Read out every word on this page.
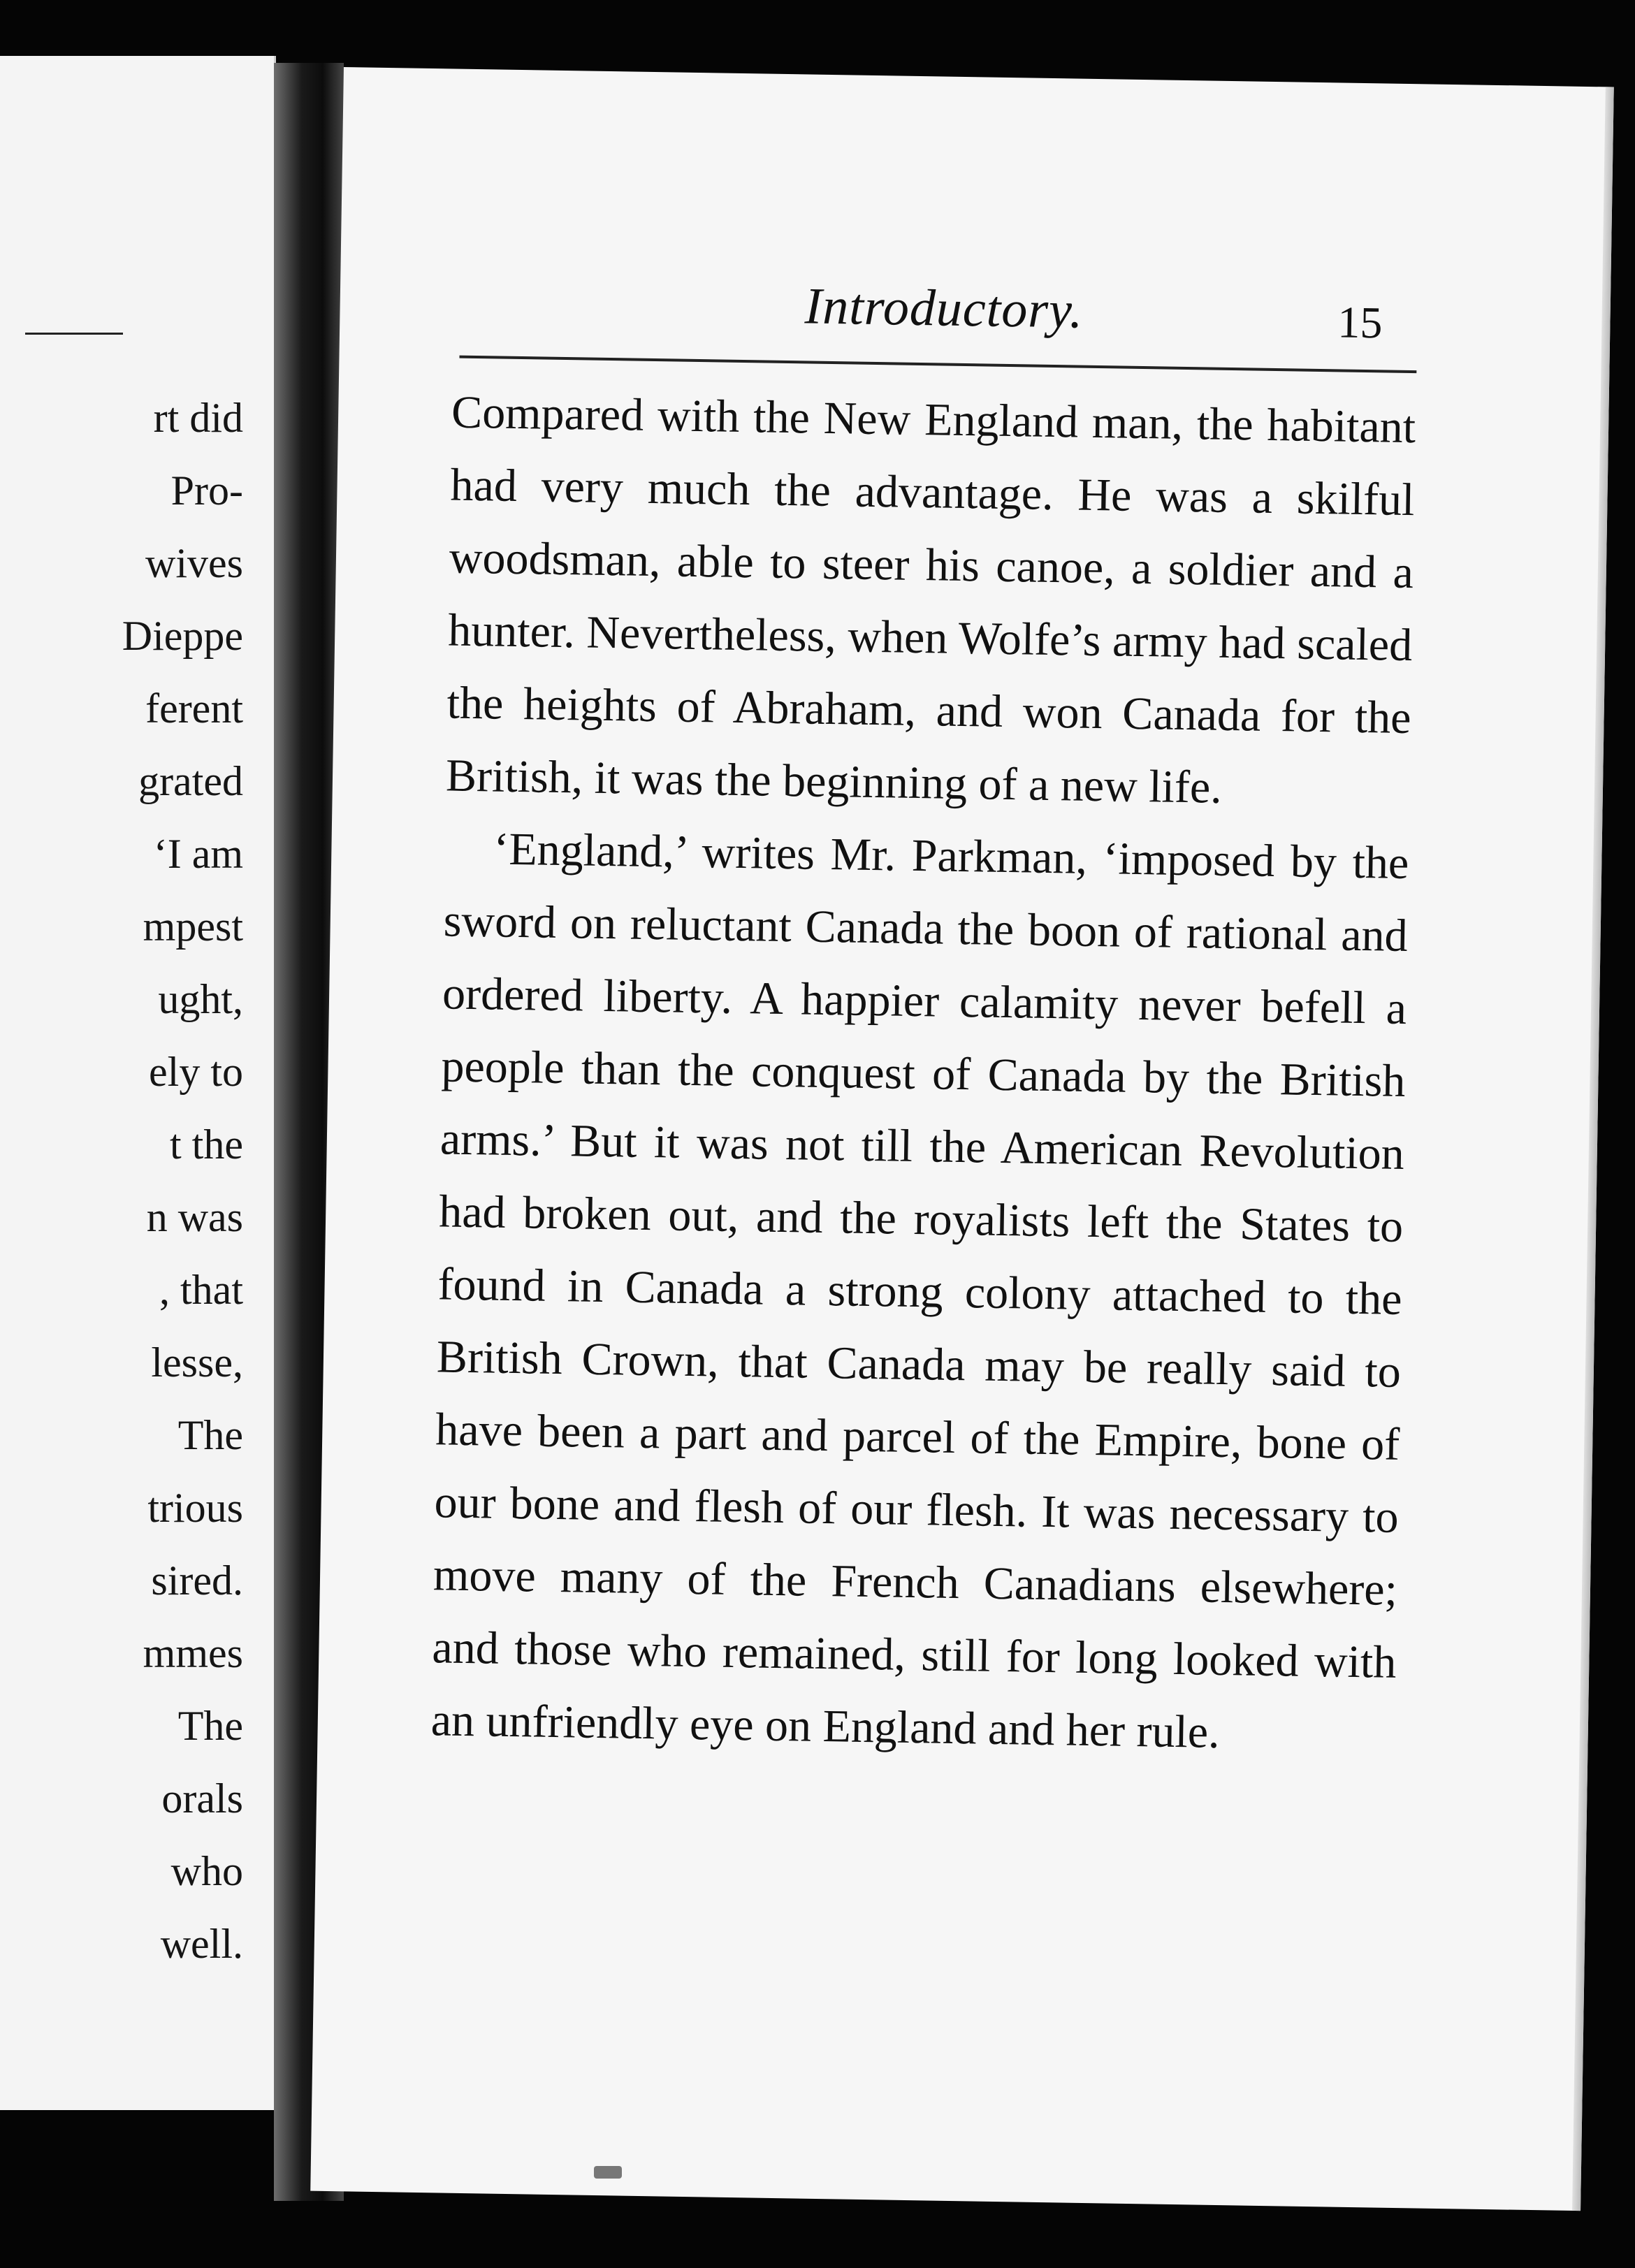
rt did
Pro-
wives
Dieppe
ferent
grated
‘I am
mpest
ught,
ely to
t the
n was
, that
lesse,
The
trious
sired.
mmes
The
orals
who
well.
Introductory.	15

Compared with the New England man, the habitant had very much the advantage. He was a skilful woodsman, able to steer his canoe, a soldier and a hunter. Nevertheless, when Wolfe’s army had scaled the heights of Abraham, and won Canada for the British, it was the beginning of a new life.

‘England,’ writes Mr. Parkman, ‘imposed by the sword on reluctant Canada the boon of rational and ordered liberty. A happier calamity never befell a people than the conquest of Canada by the British arms.’ But it was not till the American Revolution had broken out, and the royalists left the States to found in Canada a strong colony attached to the British Crown, that Canada may be really said to have been a part and parcel of the Empire, bone of our bone and flesh of our flesh. It was necessary to move many of the French Canadians elsewhere; and those who remained, still for long looked with an unfriendly eye on England and her rule.
